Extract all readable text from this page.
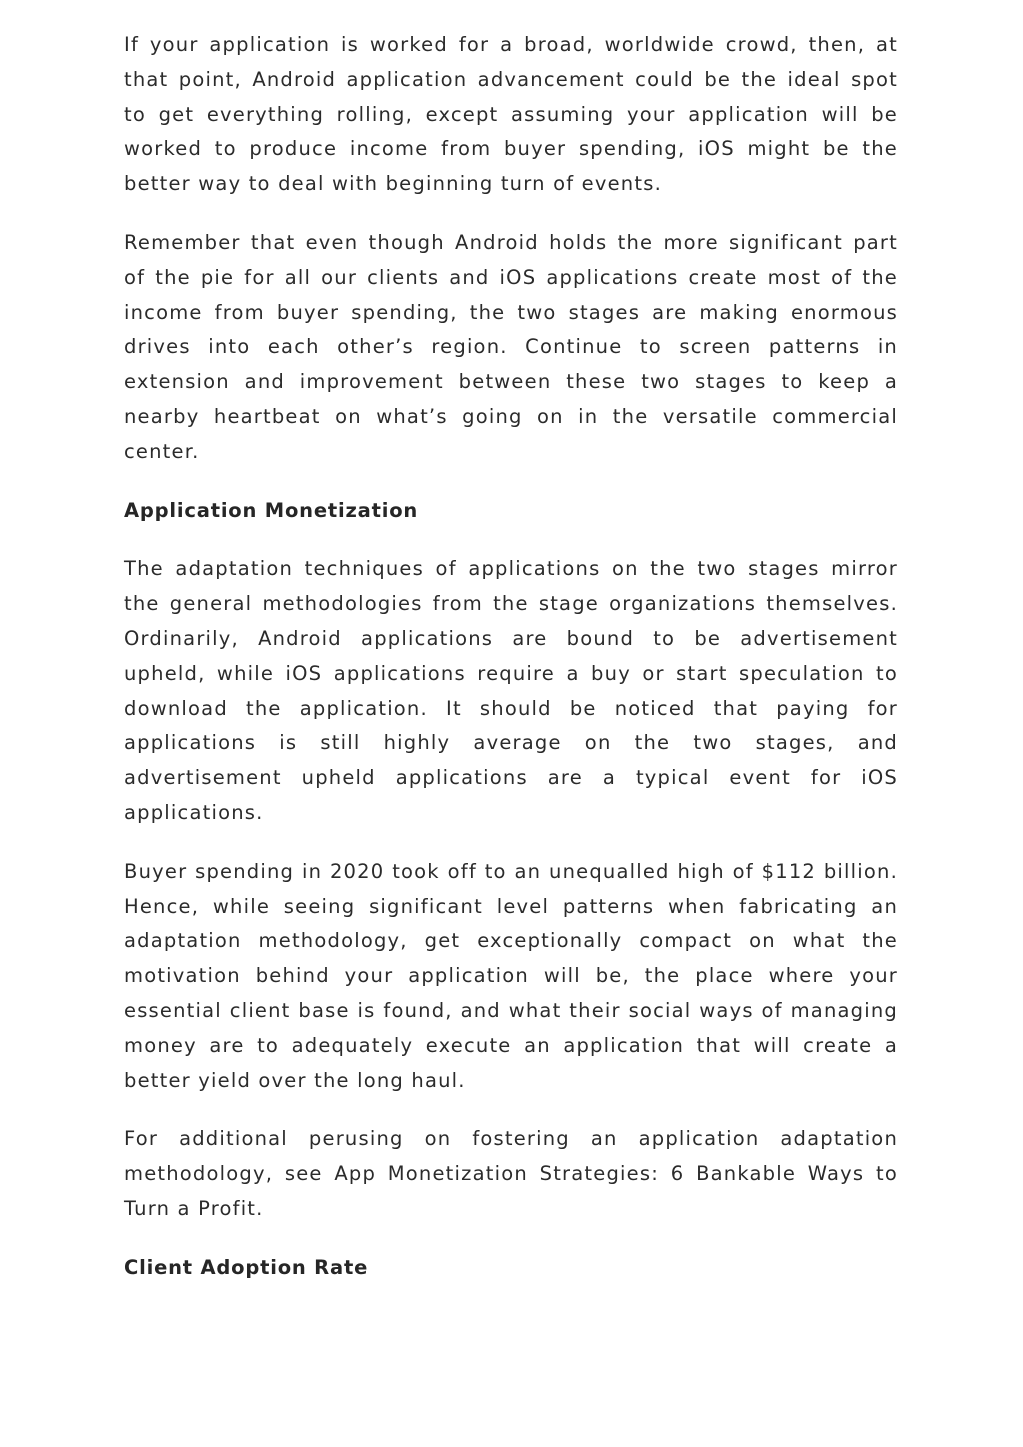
If your application is worked for a broad, worldwide crowd, then, at that point, Android application advancement could be the ideal spot to get everything rolling, except assuming your application will be worked to produce income from buyer spending, iOS might be the better way to deal with beginning turn of events.

Remember that even though Android holds the more significant part of the pie for all our clients and iOS applications create most of the income from buyer spending, the two stages are making enormous drives into each other’s region. Continue to screen patterns in extension and improvement between these two stages to keep a nearby heartbeat on what’s going on in the versatile commercial center.

Application Monetization

The adaptation techniques of applications on the two stages mirror the general methodologies from the stage organizations themselves. Ordinarily, Android applications are bound to be advertisement upheld, while iOS applications require a buy or start speculation to download the application. It should be noticed that paying for applications is still highly average on the two stages, and advertisement upheld applications are a typical event for iOS applications.

Buyer spending in 2020 took off to an unequalled high of $112 billion. Hence, while seeing significant level patterns when fabricating an adaptation methodology, get exceptionally compact on what the motivation behind your application will be, the place where your essential client base is found, and what their social ways of managing money are to adequately execute an application that will create a better yield over the long haul.

For additional perusing on fostering an application adaptation methodology, see App Monetization Strategies: 6 Bankable Ways to Turn a Profit.

Client Adoption Rate
